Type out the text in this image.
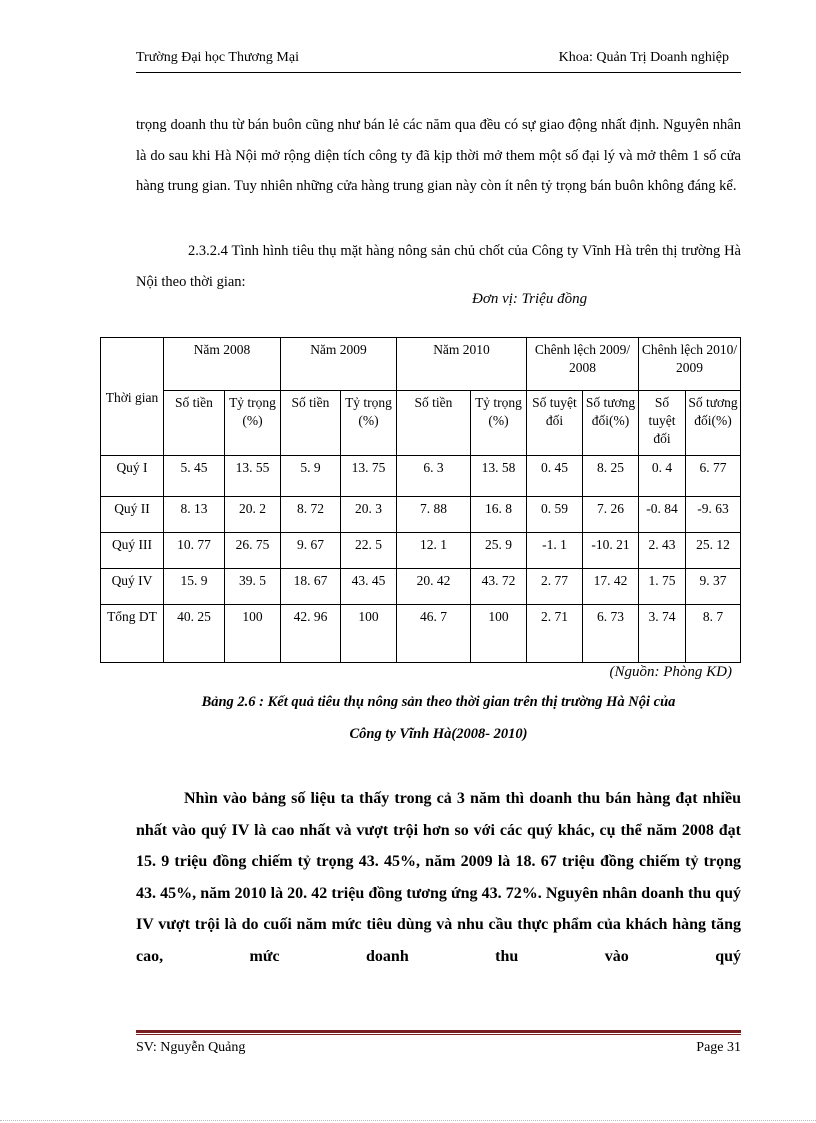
Trường Đại học Thương Mại	Khoa: Quản Trị Doanh nghiệp

trọng doanh thu từ bán buôn cũng như bán lẻ các năm qua đều có sự giao động nhất định. Nguyên nhân là do sau khi Hà Nội mở rộng diện tích công ty đã kịp thời mở them một số đại lý và mở thêm 1 số cửa hàng trung gian. Tuy nhiên những cửa hàng trung gian này còn ít nên tỷ trọng bán buôn không đáng kể.

2.3.2.4 Tình hình tiêu thụ mặt hàng nông sản chủ chốt của Công ty Vĩnh Hà trên thị trường Hà Nội theo thời gian:

Đơn vị: Triệu đồng
Thời gian	Năm 2008		Năm 2009		Năm 2010		Chênh lệch 2009/ 2008		Chênh lệch 2010/ 2009	
	Số tiền	Tỷ trọng (%)	Số tiền	Tỷ trọng (%)	Số tiền	Tỷ trọng (%)	Số tuyệt đối	Số tương đối(%)	Số tuyệt đối	Số tương đối(%)
Quý I	5. 45	13. 55	5. 9	13. 75	6. 3	13. 58	0. 45	8. 25	0. 4	6. 77
Quý II	8. 13	20. 2	8. 72	20. 3	7. 88	16. 8	0. 59	7. 26	-0. 84	-9. 63
Quý III	10. 77	26. 75	9. 67	22. 5	12. 1	25. 9	-1. 1	-10. 21	2. 43	25. 12
Quý IV	15. 9	39. 5	18. 67	43. 45	20. 42	43. 72	2. 77	17. 42	1. 75	9. 37
Tổng DT	40. 25	100	42. 96	100	46. 7	100	2. 71	6. 73	3. 74	8. 7
(Nguồn: Phòng KD)
Bảng 2.6 : Kết quả tiêu thụ nông sản theo thời gian trên thị trường Hà Nội của
Công ty Vĩnh Hà(2008- 2010)

Nhìn vào bảng số liệu ta thấy trong cả 3 năm thì doanh thu bán hàng đạt nhiều nhất vào quý IV là cao nhất và vượt trội hơn so với các quý khác, cụ thể năm 2008 đạt 15. 9 triệu đồng chiếm tỷ trọng 43. 45%, năm 2009 là 18. 67 triệu đồng chiếm tỷ trọng 43. 45%, năm 2010 là 20. 42 triệu đồng tương ứng 43. 72%. Nguyên nhân doanh thu quý IV vượt trội là do cuối năm mức tiêu dùng và nhu cầu thực phẩm của khách hàng tăng cao, mức doanh thu vào quý

SV: Nguyễn Quảng	Page 31
